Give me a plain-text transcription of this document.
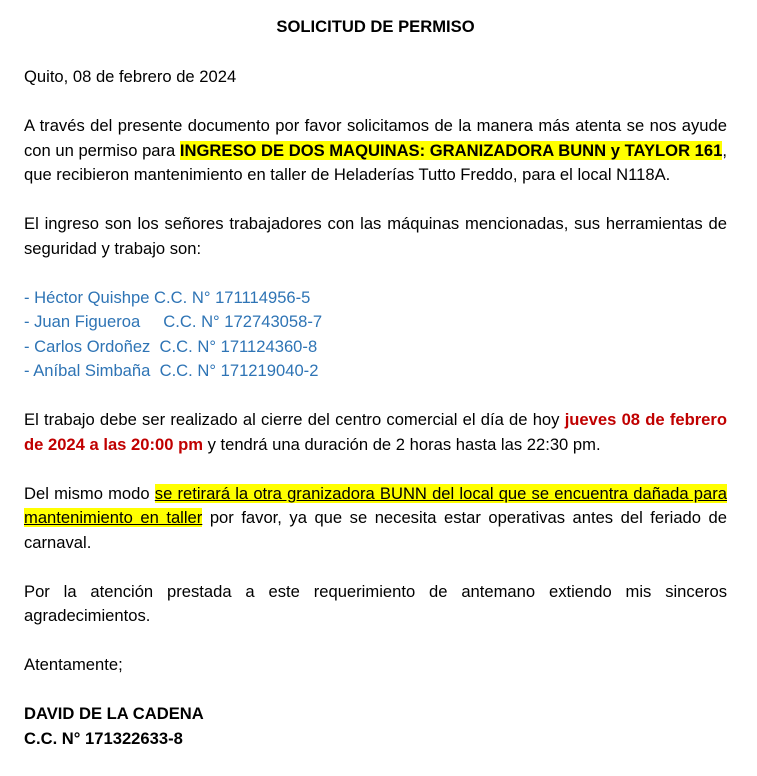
SOLICITUD DE PERMISO

Quito, 08 de febrero de 2024

A través del presente documento por favor solicitamos de la manera más atenta se nos ayude con un permiso para INGRESO DE DOS MAQUINAS: GRANIZADORA BUNN y TAYLOR 161, que recibieron mantenimiento en taller de Heladerías Tutto Freddo, para el local N118A.

El ingreso son los señores trabajadores con las máquinas mencionadas, sus herramientas de seguridad y trabajo son:

- Héctor Quishpe C.C. N° 171114956-5
- Juan Figueroa     C.C. N° 172743058-7
- Carlos Ordoñez  C.C. N° 171124360-8
- Aníbal Simbaña  C.C. N° 171219040-2

El trabajo debe ser realizado al cierre del centro comercial el día de hoy jueves 08 de febrero de 2024 a las 20:00 pm y tendrá una duración de 2 horas hasta las 22:30 pm.

Del mismo modo se retirará la otra granizadora BUNN del local que se encuentra dañada para mantenimiento en taller por favor, ya que se necesita estar operativas antes del feriado de carnaval.

Por la atención prestada a este requerimiento de antemano extiendo mis sinceros agradecimientos.

Atentamente;

DAVID DE LA CADENA

C.C. N° 171322633-8
